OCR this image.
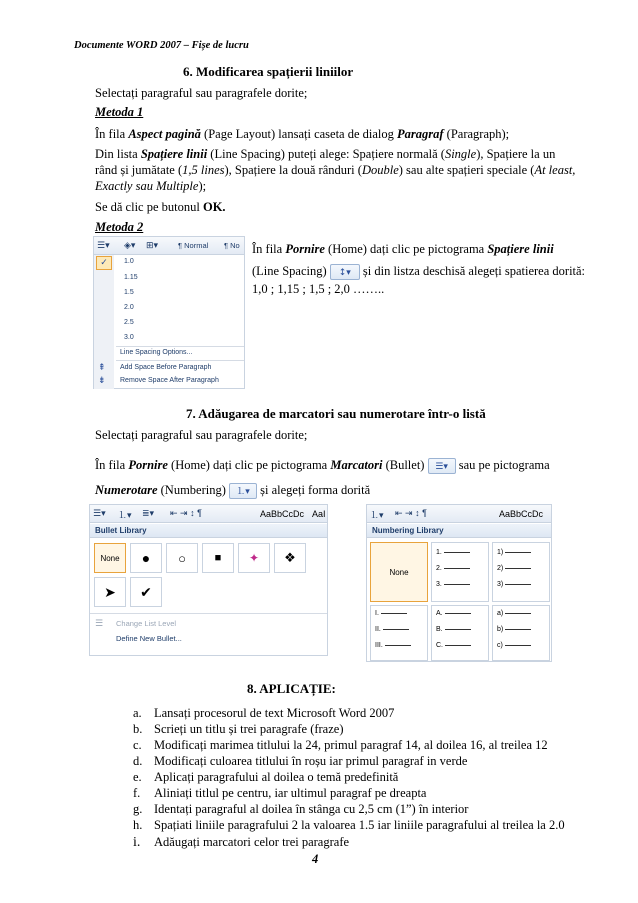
Documente WORD 2007 – Fișe de lucru
6. Modificarea spațierii liniilor
Selectați paragraful sau paragrafele dorite;
Metoda 1
În fila Aspect pagină (Page Layout) lansați caseta de dialog Paragraf (Paragraph);
Din lista Spațiere linii (Line Spacing) puteți alege: Spațiere normală (Single), Spațiere la un
rând și jumătate (1,5 lines), Spațiere la două rânduri (Double) sau alte spațieri speciale (At least,
Exactly sau Multiple);
Se dă clic pe butonul OK.
Metoda 2
☰▾ ◈▾ ⊞▾	¶ Normal ¶ No
✓	1.0
1.15
1.5
2.0
2.5
3.0
Line Spacing Options...
⇞ Add Space Before Paragraph
⇟ Remove Space After Paragraph
În fila Pornire (Home) dați clic pe pictograma Spațiere linii
(Line Spacing) ↕▾ și din listza deschisă alegeți spatierea dorită:
1,0 ; 1,15 ; 1,5 ; 2,0 ……..
7. Adăugarea de marcatori sau numerotare într-o listă
Selectați paragraful sau paragrafele dorite;
În fila Pornire (Home) dați clic pe pictograma Marcatori (Bullet) ☰▾ sau pe pictograma
Numerotare (Numbering) ⒈▾ și alegeți forma dorită
☰▾ ⒈▾ ≣▾ ⇤ ⇥ ↕ ¶	AaBbCcDc AaI
Bullet Library
None	●	○	■	✦	❖
➤	✔
☰ Change List Level
Define New Bullet...
⒈▾ ⇤ ⇥ ↕ ¶	AaBbCcDc
Numbering Library
None
1.
2.
3.
1)
2)
3)
I.
II.
III.
A.
B.
C.
a)
b)
c)
8. APLICAȚIE:
a. Lansați procesorul de text Microsoft Word 2007
b. Scrieți un titlu și trei paragrafe (fraze)
c. Modificați marimea titlului la 24, primul paragraf 14, al doilea 16, al treilea 12
d. Modificați culoarea titlului în roșu iar primul paragraf in verde
e. Aplicați paragrafului al doilea o temă predefinită
f. Aliniați titlul pe centru, iar ultimul paragraf pe dreapta
g. Identați paragraful al doilea în stânga cu 2,5 cm (1”) în interior
h. Spațiati liniile paragrafului 2 la valoarea 1.5 iar liniile paragrafului al treilea la 2.0
i. Adăugați marcatori celor trei paragrafe
4
